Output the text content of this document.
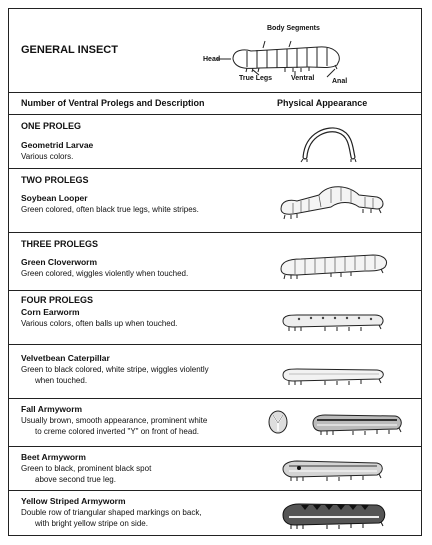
GENERAL INSECT
Body Segments
Head
True Legs	Ventral	Anal
Number of Ventral Prolegs and Description	Physical Appearance
ONE PROLEG
Geometrid Larvae
Various colors.
TWO PROLEGS
Soybean Looper
Green colored, often black true legs, white stripes.
THREE PROLEGS
Green Cloverworm
Green colored, wiggles violently when touched.
FOUR PROLEGS
Corn Earworm
Various colors, often balls up when touched.
Velvetbean Caterpillar
Green to black colored, white stripe, wiggles violently
when touched.
Fall Armyworm
Usually brown, smooth appearance, prominent white
to creme colored inverted "Y" on front of head.
Beet Armyworm
Green to black, prominent black spot
above second true leg.
Yellow Striped Armyworm
Double row of triangular shaped markings on back,
with bright yellow stripe on side.
